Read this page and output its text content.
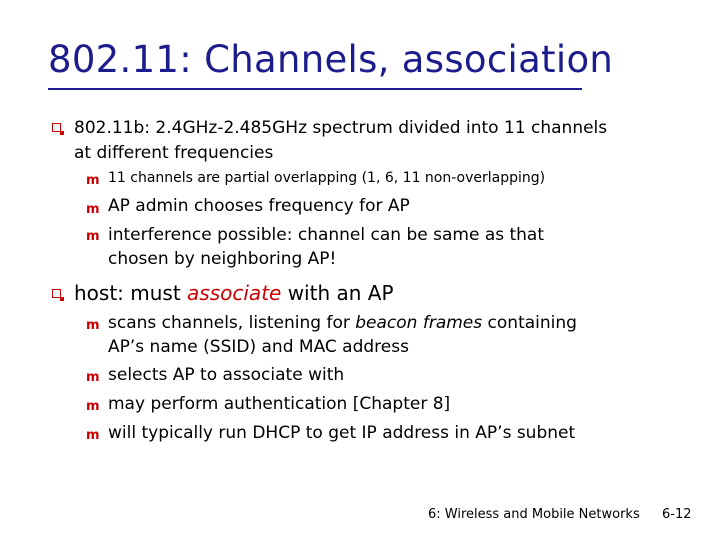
802.11: Channels, association
802.11b: 2.4GHz-2.485GHz spectrum divided into 11 channels
at different frequencies
m 11 channels are partial overlapping (1, 6, 11 non-overlapping)
m AP admin chooses frequency for AP
m interference possible: channel can be same as that
chosen by neighboring AP!
host: must associate with an AP
m scans channels, listening for beacon frames containing
AP’s name (SSID) and MAC address
m selects AP to associate with
m may perform authentication [Chapter 8]
m will typically run DHCP to get IP address in AP’s subnet
6: Wireless and Mobile Networks 6-12
